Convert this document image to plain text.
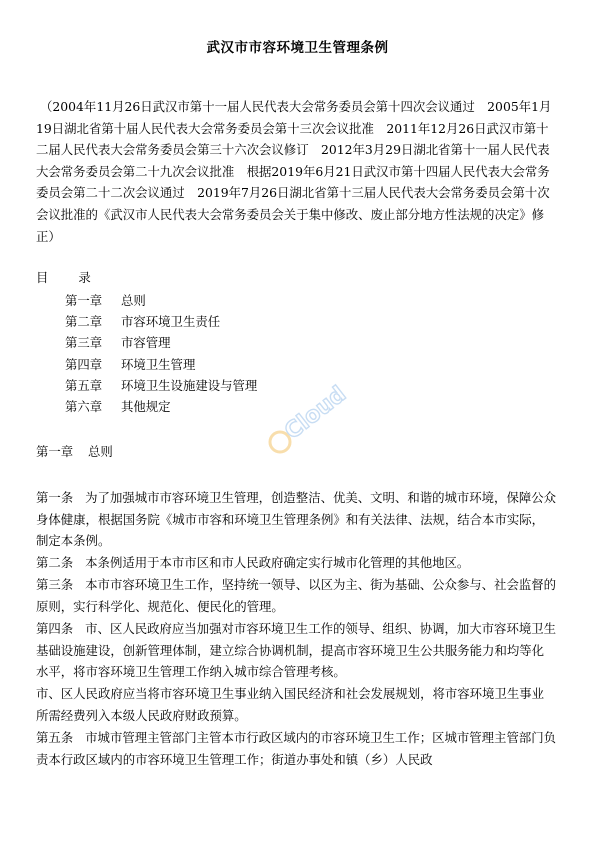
武汉市市容环境卫生管理条例
（2004年11月26日武汉市第十一届人民代表大会常务委员会第十四次会议通过　2005年1月19日湖北省第十届人民代表大会常务委员会第十三次会议批准　2011年12月26日武汉市第十二届人民代表大会常务委员会第三十六次会议修订　2012年3月29日湖北省第十一届人民代表大会常务委员会第二十九次会议批准　根据2019年6月21日武汉市第十四届人民代表大会常务委员会第二十二次会议通过　2019年7月26日湖北省第十三届人民代表大会常务委员会第十次会议批准的《武汉市人民代表大会常务委员会关于集中修改、废止部分地方性法规的决定》修正）
目 录
第一章 总则
第二章 市容环境卫生责任
第三章 市容管理
第四章 环境卫生管理
第五章 环境卫生设施建设与管理
第六章 其他规定	Cloud
第一章 总则
第一条 为了加强城市市容环境卫生管理，创造整洁、优美、文明、和谐的城市环境，保障公众身体健康，根据国务院《城市市容和环境卫生管理条例》和有关法律、法规，结合本市实际，制定本条例。
第二条 本条例适用于本市市区和市人民政府确定实行城市化管理的其他地区。
第三条 本市市容环境卫生工作，坚持统一领导、以区为主、街为基础、公众参与、社会监督的原则，实行科学化、规范化、便民化的管理。
第四条 市、区人民政府应当加强对市容环境卫生工作的领导、组织、协调，加大市容环境卫生基础设施建设，创新管理体制，建立综合协调机制，提高市容环境卫生公共服务能力和均等化水平，将市容环境卫生管理工作纳入城市综合管理考核。
市、区人民政府应当将市容环境卫生事业纳入国民经济和社会发展规划，将市容环境卫生事业所需经费列入本级人民政府财政预算。
第五条 市城市管理主管部门主管本市行政区域内的市容环境卫生工作；区城市管理主管部门负责本行政区域内的市容环境卫生管理工作；街道办事处和镇（乡）人民政
